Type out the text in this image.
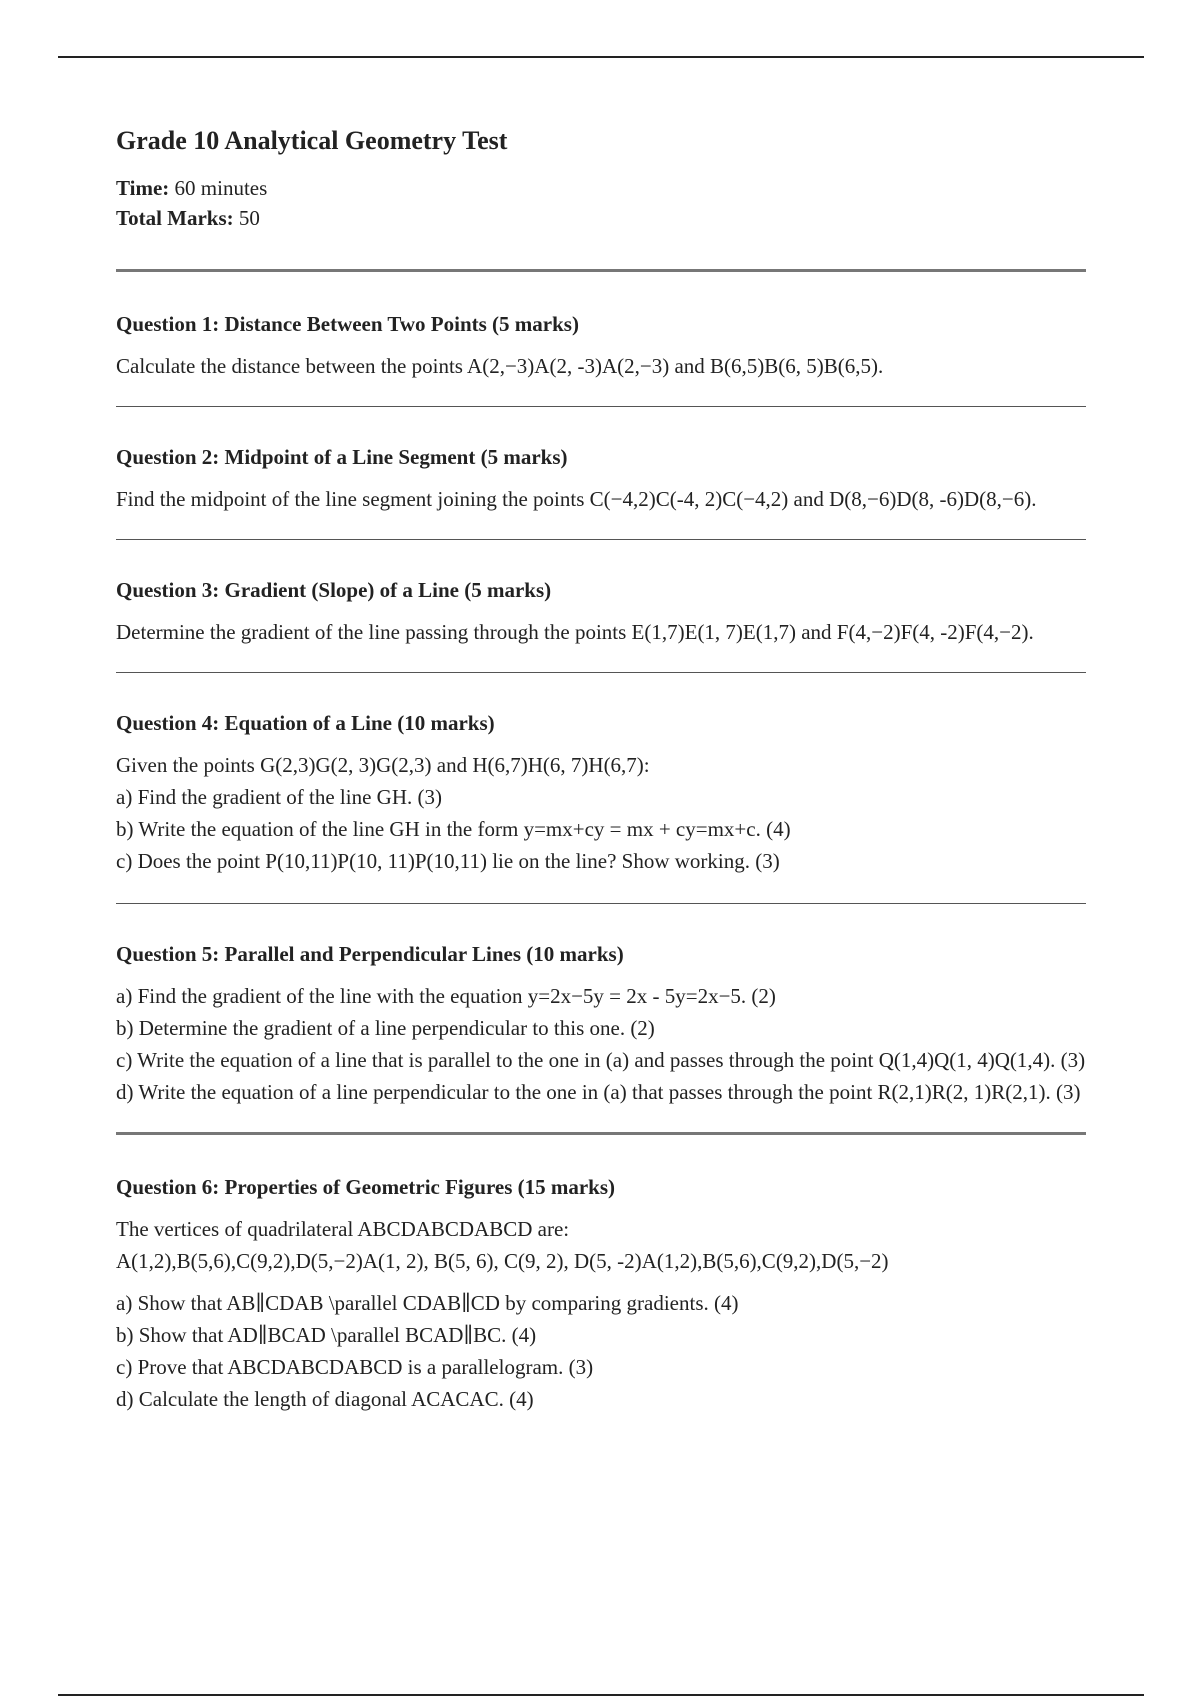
Grade 10 Analytical Geometry Test

Time: 60 minutes

Total Marks: 50

Question 1: Distance Between Two Points (5 marks)

Calculate the distance between the points A(2,−3)A(2, -3)A(2,−3) and B(6,5)B(6, 5)B(6,5).

Question 2: Midpoint of a Line Segment (5 marks)

Find the midpoint of the line segment joining the points C(−4,2)C(-4, 2)C(−4,2) and D(8,−6)D(8, -6)D(8,−6).

Question 3: Gradient (Slope) of a Line (5 marks)

Determine the gradient of the line passing through the points E(1,7)E(1, 7)E(1,7) and F(4,−2)F(4, -2)F(4,−2).

Question 4: Equation of a Line (10 marks)

Given the points G(2,3)G(2, 3)G(2,3) and H(6,7)H(6, 7)H(6,7):

a) Find the gradient of the line GH. (3)

b) Write the equation of the line GH in the form y=mx+cy = mx + cy=mx+c. (4)

c) Does the point P(10,11)P(10, 11)P(10,11) lie on the line? Show working. (3)

Question 5: Parallel and Perpendicular Lines (10 marks)

a) Find the gradient of the line with the equation y=2x−5y = 2x - 5y=2x−5. (2)

b) Determine the gradient of a line perpendicular to this one. (2)

c) Write the equation of a line that is parallel to the one in (a) and passes through the point Q(1,4)Q(1, 4)Q(1,4). (3)

d) Write the equation of a line perpendicular to the one in (a) that passes through the point R(2,1)R(2, 1)R(2,1). (3)

Question 6: Properties of Geometric Figures (15 marks)

The vertices of quadrilateral ABCDABCDABCD are:

A(1,2),B(5,6),C(9,2),D(5,−2)A(1, 2), B(5, 6), C(9, 2), D(5, -2)A(1,2),B(5,6),C(9,2),D(5,−2)

a) Show that AB∥CDAB \parallel CDAB∥CD by comparing gradients. (4)

b) Show that AD∥BCAD \parallel BCAD∥BC. (4)

c) Prove that ABCDABCDABCD is a parallelogram. (3)

d) Calculate the length of diagonal ACACAC. (4)
